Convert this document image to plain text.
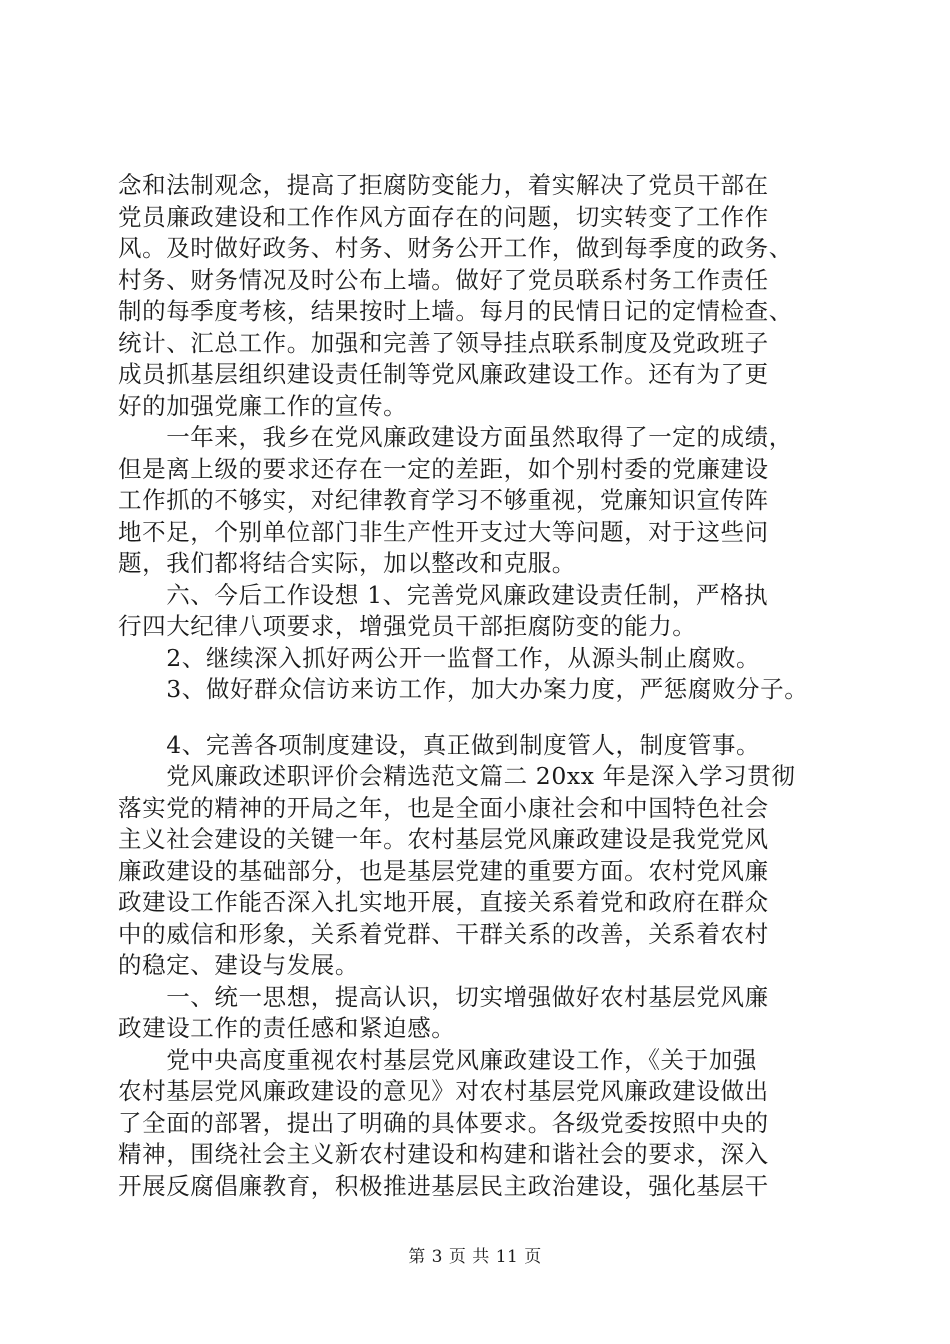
念和法制观念，提高了拒腐防变能力，着实解决了党员干部在
党员廉政建设和工作作风方面存在的问题，切实转变了工作作
风。及时做好政务、村务、财务公开工作，做到每季度的政务、
村务、财务情况及时公布上墙。做好了党员联系村务工作责任
制的每季度考核，结果按时上墙。每月的民情日记的定情检查、
统计、汇总工作。加强和完善了领导挂点联系制度及党政班子
成员抓基层组织建设责任制等党风廉政建设工作。还有为了更
好的加强党廉工作的宣传。
　　一年来，我乡在党风廉政建设方面虽然取得了一定的成绩，
但是离上级的要求还存在一定的差距，如个别村委的党廉建设
工作抓的不够实，对纪律教育学习不够重视，党廉知识宣传阵
地不足，个别单位部门非生产性开支过大等问题，对于这些问
题，我们都将结合实际，加以整改和克服。
　　六、今后工作设想 1、完善党风廉政建设责任制，严格执
行四大纪律八项要求，增强党员干部拒腐防变的能力。
　　2、继续深入抓好两公开一监督工作，从源头制止腐败。
　　3、做好群众信访来访工作，加大办案力度，严惩腐败分子。
　　4、完善各项制度建设，真正做到制度管人，制度管事。
　　党风廉政述职评价会精选范文篇二 20xx 年是深入学习贯彻
落实党的精神的开局之年，也是全面小康社会和中国特色社会
主义社会建设的关键一年。农村基层党风廉政建设是我党党风
廉政建设的基础部分，也是基层党建的重要方面。农村党风廉
政建设工作能否深入扎实地开展，直接关系着党和政府在群众
中的威信和形象，关系着党群、干群关系的改善，关系着农村
的稳定、建设与发展。
　　一、统一思想，提高认识，切实增强做好农村基层党风廉
政建设工作的责任感和紧迫感。
　　党中央高度重视农村基层党风廉政建设工作，《关于加强
农村基层党风廉政建设的意见》对农村基层党风廉政建设做出
了全面的部署，提出了明确的具体要求。各级党委按照中央的
精神，围绕社会主义新农村建设和构建和谐社会的要求，深入
开展反腐倡廉教育，积极推进基层民主政治建设，强化基层干
第 3 页 共 11 页
